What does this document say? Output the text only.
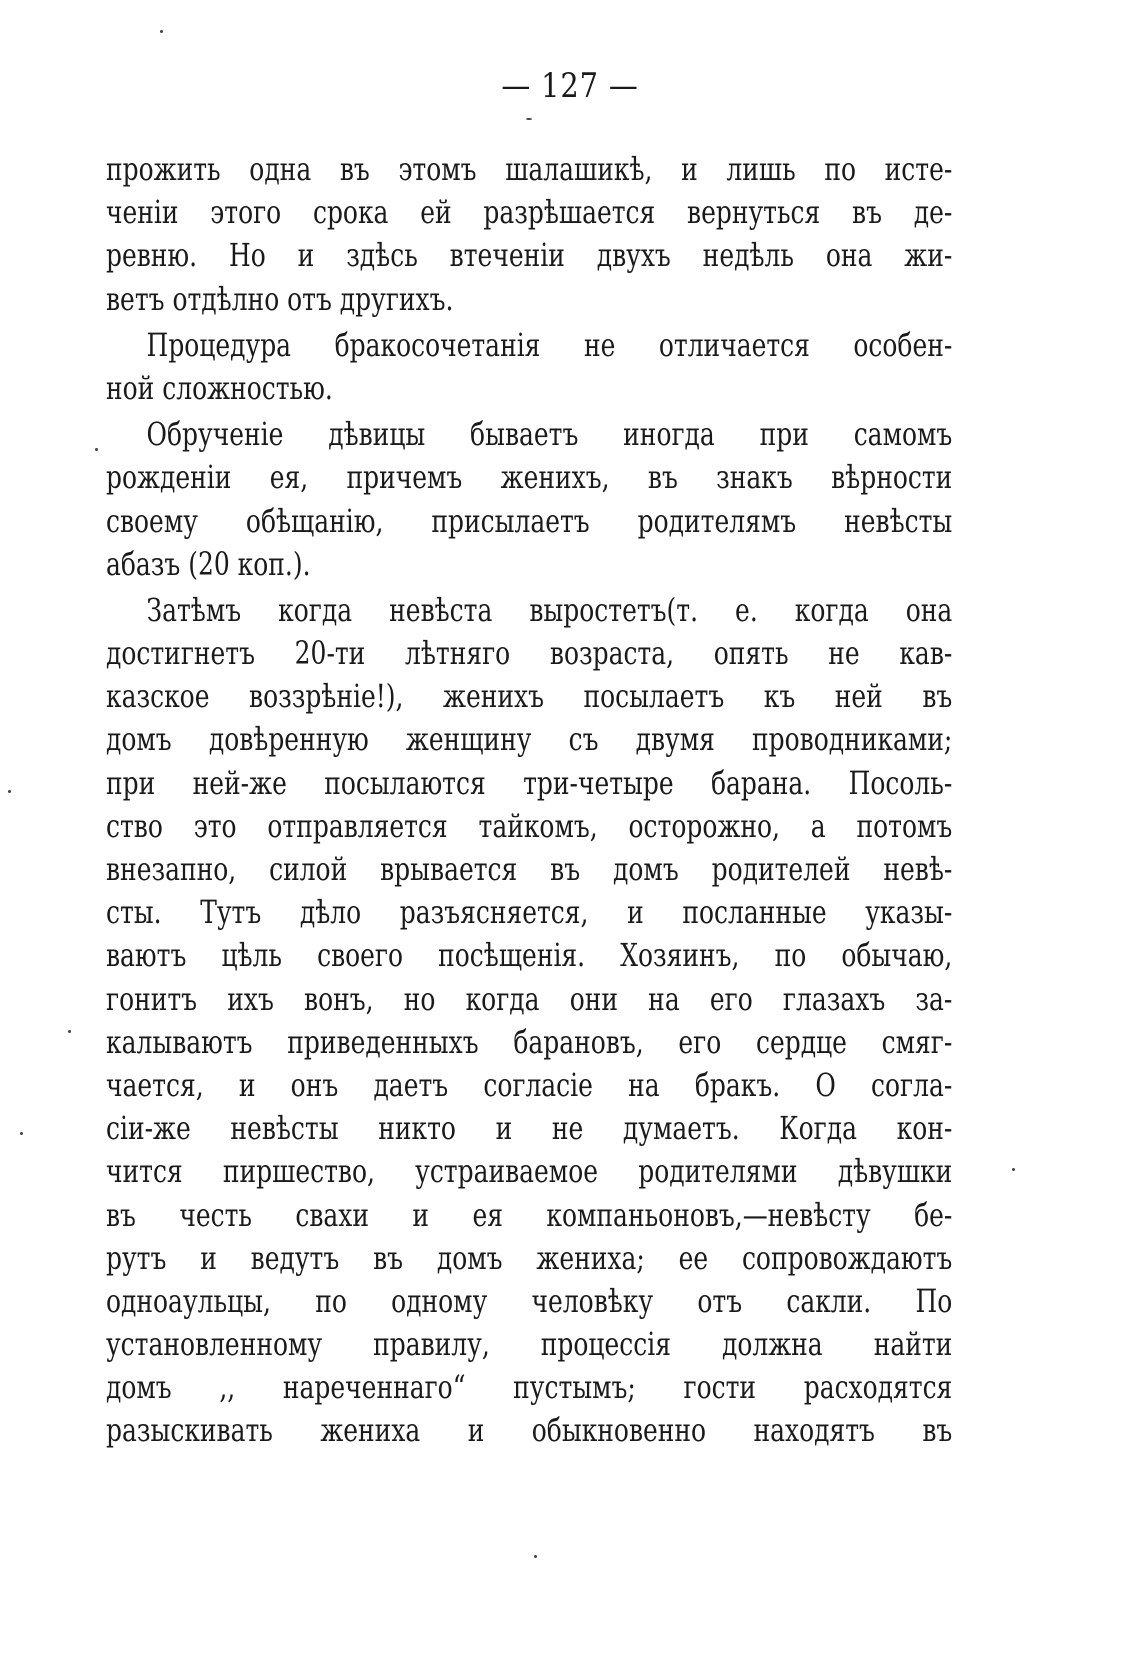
— 127 —
прожить одна въ этомъ шалашикѣ, и лишь по исте-
ченіи этого срока ей разрѣшается вернуться въ де-
ревню. Но и здѣсь втеченіи двухъ недѣль она жи-
ветъ отдѣлно отъ другихъ.
Процедура бракосочетанія не отличается особен-
ной сложностью.
Обрученіе дѣвицы бываетъ иногда при самомъ
рожденіи ея, причемъ женихъ, въ знакъ вѣрности
своему обѣщанію, присылаетъ родителямъ невѣсты
абазъ (20 коп.).
Затѣмъ когда невѣста выростетъ(т. е. когда она
достигнетъ 20-ти лѣтняго возраста, опять не кав-
казское воззрѣніе!), женихъ посылаетъ къ ней въ
домъ довѣренную женщину съ двумя проводниками;
при ней-же посылаются три-четыре барана. Посоль-
ство это отправляется тайкомъ, осторожно, а потомъ
внезапно, силой врывается въ домъ родителей невѣ-
сты. Тутъ дѣло разъясняется, и посланные указы-
ваютъ цѣль своего посѣщенія. Хозяинъ, по обычаю,
гонитъ ихъ вонъ, но когда они на его глазахъ за-
калываютъ приведенныхъ барановъ, его сердце смяг-
чается, и онъ даетъ согласіе на бракъ. О согла-
сіи-же невѣсты никто и не думаетъ. Когда кон-
чится пиршество, устраиваемое родителями дѣвушки
въ честь свахи и ея компаньоновъ,—невѣсту бе-
рутъ и ведутъ въ домъ жениха; ее сопровождаютъ
одноаульцы, по одному человѣку отъ сакли. По
установленному правилу, процессія должна найти
домъ ,, нареченнаго“ пустымъ; гости расходятся
разыскивать жениха и обыкновенно находятъ въ
